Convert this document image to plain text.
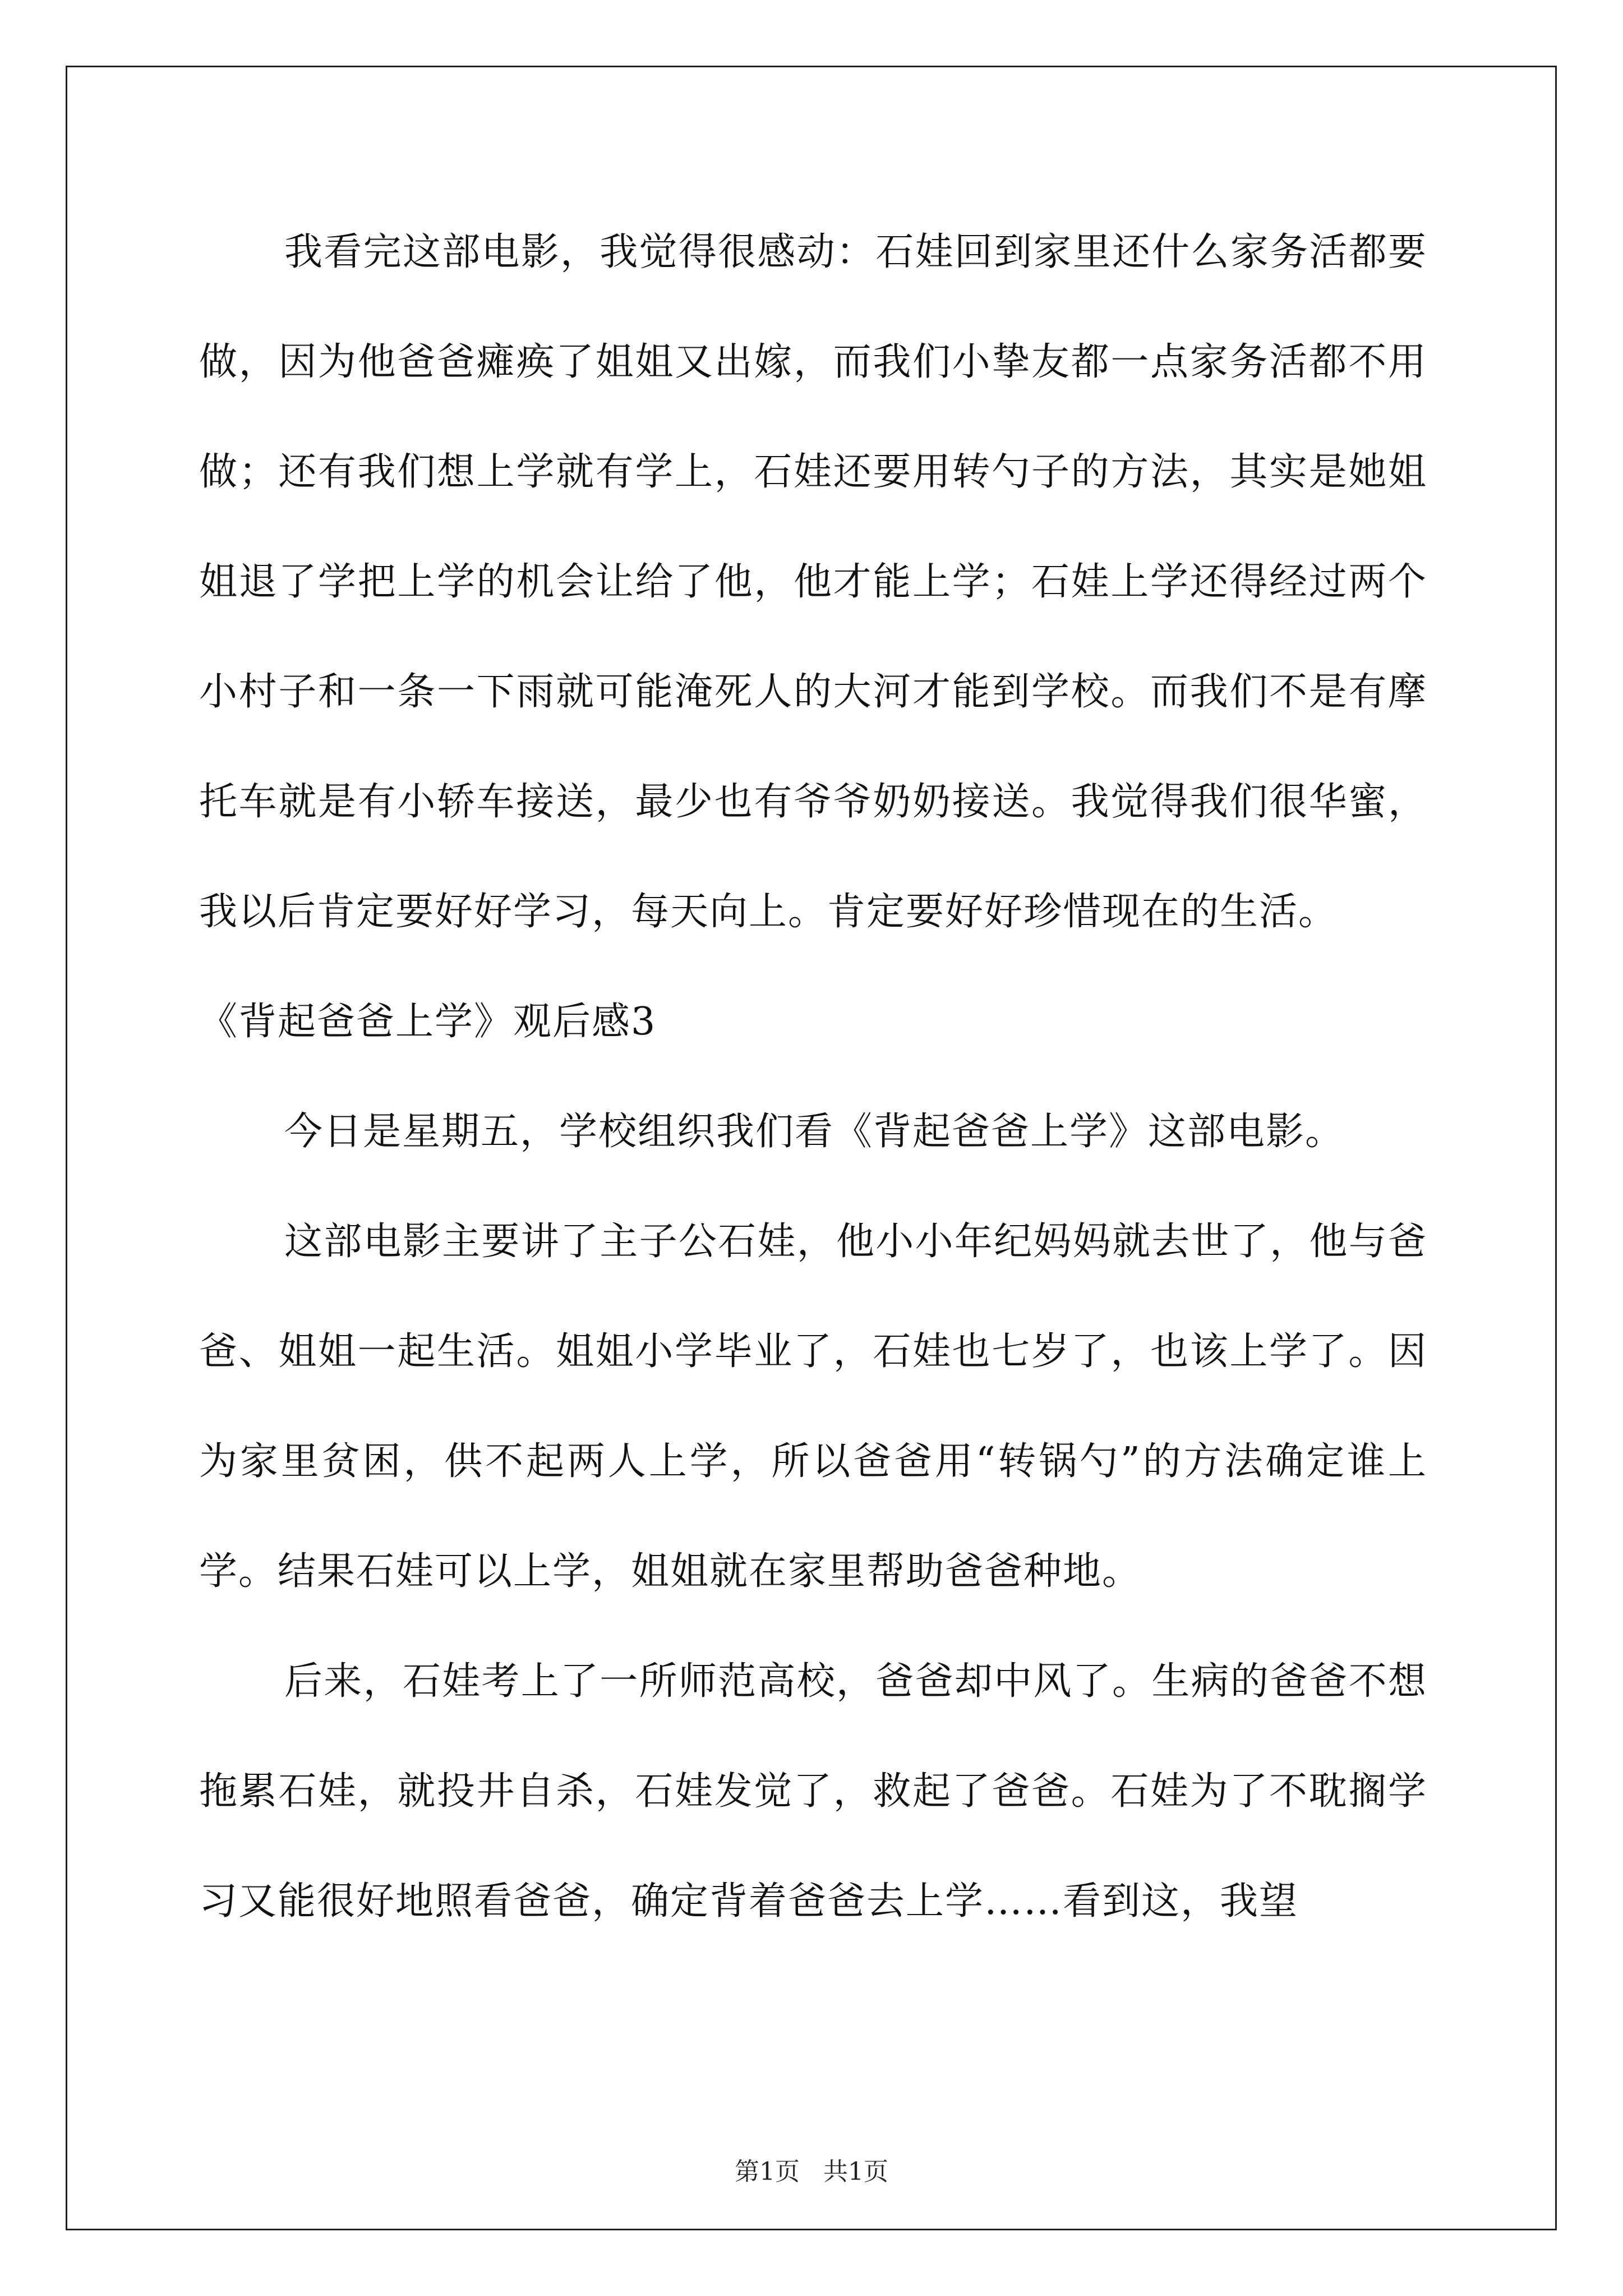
我看完这部电影，我觉得很感动：石娃回到家里还什么家务活都要做，因为他爸爸瘫痪了姐姐又出嫁，而我们小挚友都一点家务活都不用做；还有我们想上学就有学上，石娃还要用转勺子的方法，其实是她姐姐退了学把上学的机会让给了他，他才能上学；石娃上学还得经过两个小村子和一条一下雨就可能淹死人的大河才能到学校。而我们不是有摩托车就是有小轿车接送，最少也有爷爷奶奶接送。我觉得我们很华蜜，我以后肯定要好好学习，每天向上。肯定要好好珍惜现在的生活。

《背起爸爸上学》观后感3

今日是星期五，学校组织我们看《背起爸爸上学》这部电影。

这部电影主要讲了主子公石娃，他小小年纪妈妈就去世了，他与爸爸、姐姐一起生活。姐姐小学毕业了，石娃也七岁了，也该上学了。因为家里贫困，供不起两人上学，所以爸爸用“转锅勺”的方法确定谁上学。结果石娃可以上学，姐姐就在家里帮助爸爸种地。

后来，石娃考上了一所师范高校，爸爸却中风了。生病的爸爸不想拖累石娃，就投井自杀，石娃发觉了，救起了爸爸。石娃为了不耽搁学习又能很好地照看爸爸，确定背着爸爸去上学……看到这，我望

第1页 共1页
